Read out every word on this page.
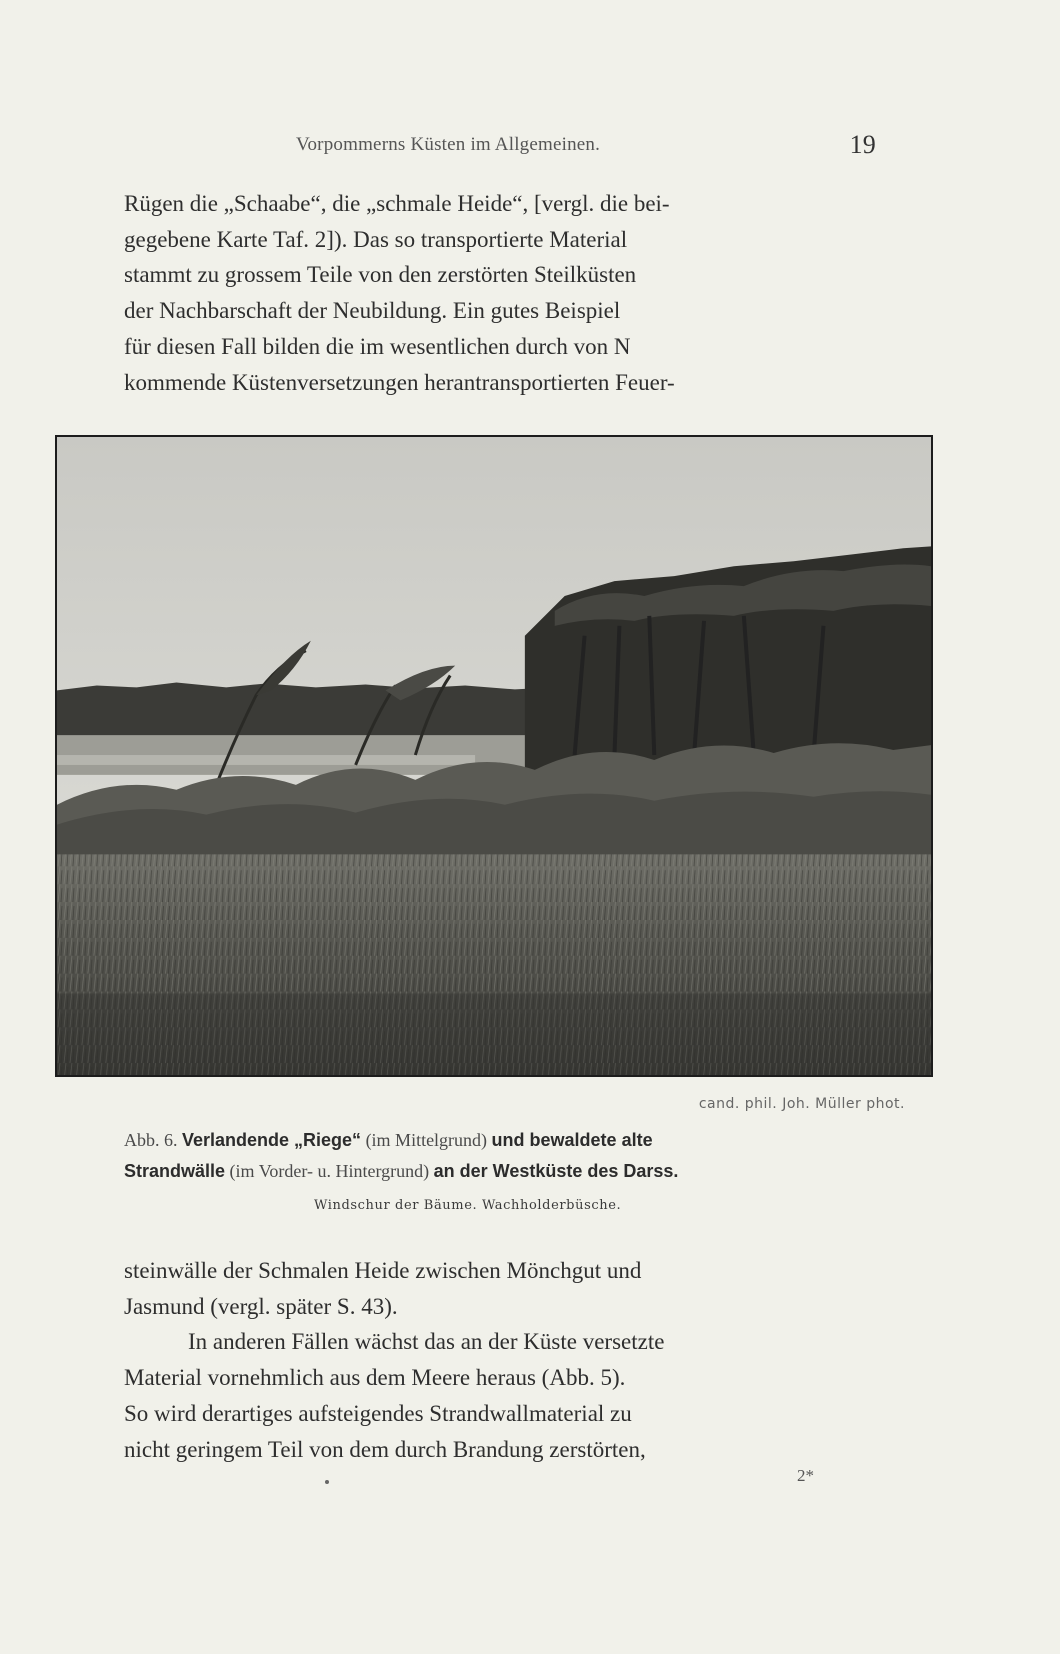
Vorpommerns Küsten im Allgemeinen.	19
Rügen die „Schaabe“, die „schmale Heide“, [vergl. die bei-
gegebene Karte Taf. 2]). Das so transportierte Material
stammt zu grossem Teile von den zerstörten Steilküsten
der Nachbarschaft der Neubildung. Ein gutes Beispiel
für diesen Fall bilden die im wesentlichen durch von N
kommende Küstenversetzungen herantransportierten Feuer-
cand. phil. Joh. Müller phot.
Abb. 6. Verlandende „Riege“ (im Mittelgrund) und bewaldete alte
Strandwälle (im Vorder- u. Hintergrund) an der Westküste des Darss.
Windschur der Bäume. Wachholderbüsche.
steinwälle der Schmalen Heide zwischen Mönchgut und
Jasmund (vergl. später S. 43).
In anderen Fällen wächst das an der Küste versetzte
Material vornehmlich aus dem Meere heraus (Abb. 5).
So wird derartiges aufsteigendes Strandwallmaterial zu
nicht geringem Teil von dem durch Brandung zerstörten,
2*
